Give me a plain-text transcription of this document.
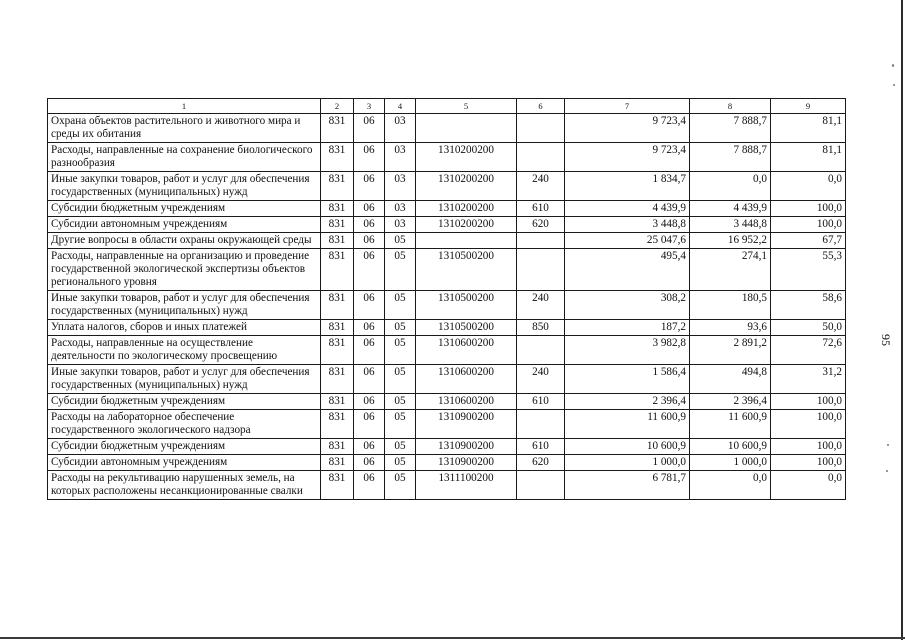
95
1	2	3	4	5	6	7	8	9
Охрана объектов растительного и животного мира и среды их обитания	831	06	03			9 723,4	7 888,7	81,1
Расходы, направленные на сохранение биологического разнообразия	831	06	03	1310200200		9 723,4	7 888,7	81,1
Иные закупки товаров, работ и услуг для обеспечения государственных (муниципальных) нужд	831	06	03	1310200200	240	1 834,7	0,0	0,0
Субсидии бюджетным учреждениям	831	06	03	1310200200	610	4 439,9	4 439,9	100,0
Субсидии автономным учреждениям	831	06	03	1310200200	620	3 448,8	3 448,8	100,0
Другие вопросы в области охраны окружающей среды	831	06	05			25 047,6	16 952,2	67,7
Расходы, направленные на организацию и проведение государственной экологической экспертизы объектов регионального уровня	831	06	05	1310500200		495,4	274,1	55,3
Иные закупки товаров, работ и услуг для обеспечения государственных (муниципальных) нужд	831	06	05	1310500200	240	308,2	180,5	58,6
Уплата налогов, сборов и иных платежей	831	06	05	1310500200	850	187,2	93,6	50,0
Расходы, направленные на осуществление деятельности по экологическому просвещению	831	06	05	1310600200		3 982,8	2 891,2	72,6
Иные закупки товаров, работ и услуг для обеспечения государственных (муниципальных) нужд	831	06	05	1310600200	240	1 586,4	494,8	31,2
Субсидии бюджетным учреждениям	831	06	05	1310600200	610	2 396,4	2 396,4	100,0
Расходы на лабораторное обеспечение государственного экологического надзора	831	06	05	1310900200		11 600,9	11 600,9	100,0
Субсидии бюджетным учреждениям	831	06	05	1310900200	610	10 600,9	10 600,9	100,0
Субсидии автономным учреждениям	831	06	05	1310900200	620	1 000,0	1 000,0	100,0
Расходы на рекультивацию нарушенных земель, на которых расположены несанкционированные свалки	831	06	05	1311100200		6 781,7	0,0	0,0
